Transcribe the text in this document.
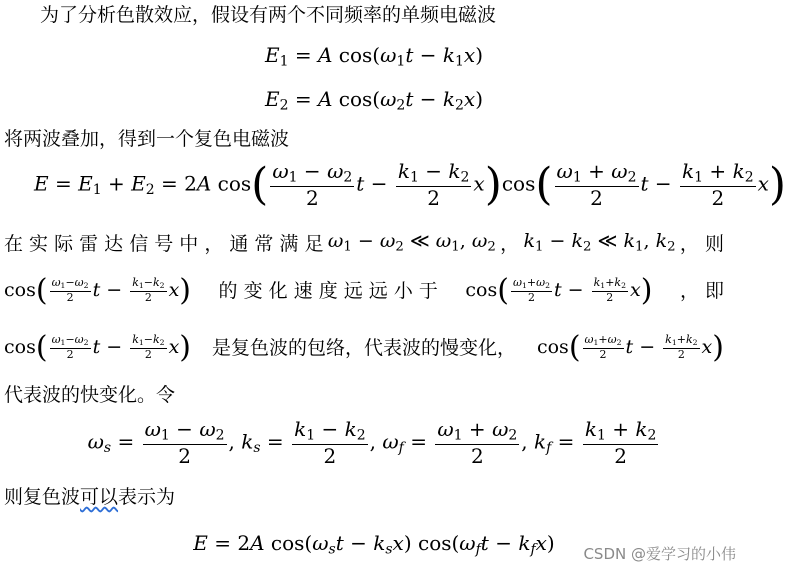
为了分析色散效应，假设有两个不同频率的单频电磁波
$E_1 = A$ $\cos(\omega_1t - k_1x)$
$E_2 = A$ $\cos(\omega_2t - k_2x)$
将两波叠加，得到一个复色电磁波
$E = E_1 + E_2 = 2A$ $\cos( \frac{\omega_1 - \omega_2}{2}$ $t - \frac{k_1 - k_2}{2} x)\cos( \frac{\omega_1 + \omega_2}{2}$ $t - \frac{k_1 + k_2}{2} x$)
在 实 际 雷 达 信 号 中 ， 通 常 满 足 $\omega_1 - \omega_2$ ≪ $\omega_1$, $\omega_2$ ， $k_1 - k_2$ ≪ $k_1$, $k_2$ ， 则
$\cos( \frac{\omega_1-\omega_2}{2}$ $t - \frac{k_1-k_2}{2} x$) 的 变 化 速 度 远 远 小 于 $\cos( \frac{\omega_1+\omega_2}{2}$ $t - \frac{k_1+k_2}{2} x$) ， 即
$\cos( \frac{\omega_1-\omega_2}{2}$ $t - \frac{k_1-k_2}{2} x$) 是复色波的包络，代表波的慢变化， $\cos( \frac{\omega_1+\omega_2}{2}$ $t - \frac{k_1+k_2}{2} x$)
代表波的快变化。令
$\omega_s = \frac{\omega_1 - \omega_2}{2}$ , $k_s = \frac{k_1 - k_2}{2}$ , $\omega_f = \frac{\omega_1 + \omega_2}{2}$ , $k_f = \frac{k_1 + k_2}{2}$
则复色波可以表示为
E = 2A $\cos(\omega_st - k_sx) \cos(\omega_ft - k_fx)$	CSDN @爱学习的小伟
